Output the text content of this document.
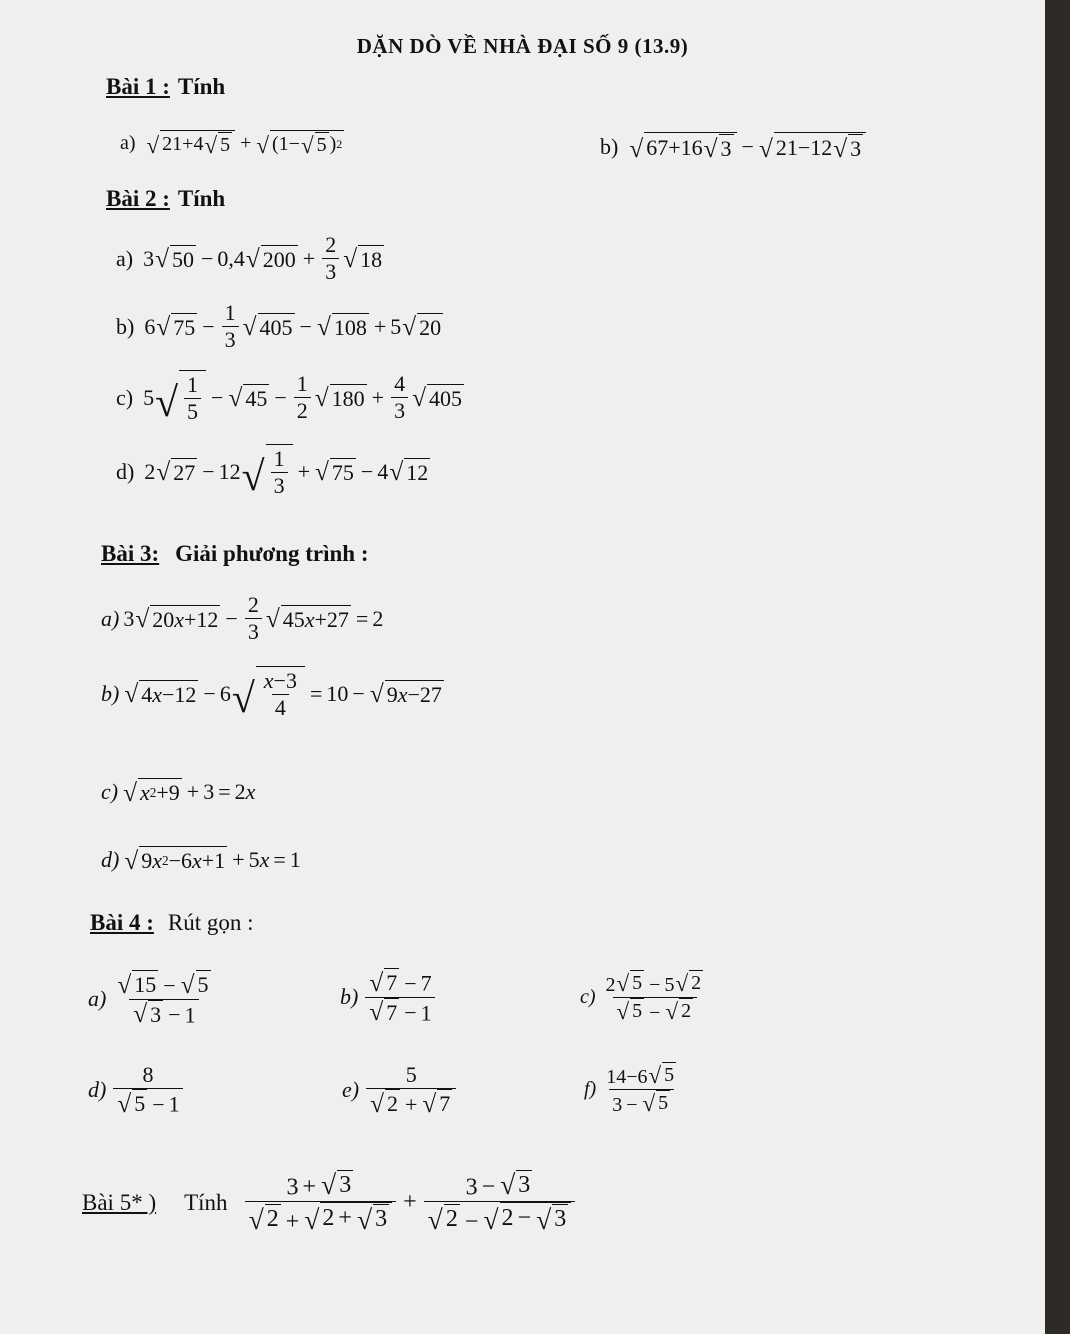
DẶN DÒ VỀ NHÀ ĐẠI SỐ 9 (13.9)
Bài 1 : Tính
a) √ 21+4 √ 5 + √ (1− √ 5 ) 2	b) √ 67+16 √ 3 − √ 21−12 √ 3
Bài 2 : Tính
a) 3 √ 50 − 0,4 √ $200 + \frac{2}{3}$ √ 18
b) 6 √ $75 - \frac{1}{3}$ √ 405 − √ 108 + 5 √ 20
c) 5 √ 1
5
− √ $45 - \frac{1}{2}$ √ $180 + \frac{4}{3}$ √ 405
d) 2 √ 27 − 12 √ 1
3
+ √ 75 − 4 √ 12
Bài 3: Giải phương trình :
a) 3 √ 20 $x +12 - \frac{2}{3}$ √ 45 x +27 = 2
b) √ 4 x −12 − 6 √ x−3
4
= 10 − √ 9 x −27
c) √ x 2 +9 + 3 = 2 x
d) √ 9 x 2 −6 x +1 + 5 x = 1
Bài 4 : Rút gọn :
a) √ 15 − √ 5
√ 3 − 1
b) √ 7 − 7
√ 7 − 1
c)
2 √ 5 − 5 √ 2
√ 5 − √ 2
d)
8
√ 5 − 1
e)
5
√ 2 + √ 7
f)
14−6 √ 5
3 − √ 5
Bài 5* ) Tính
3 + √ 3
√ 2 + √ 2 + √ 3
+ $\frac{3 - √ 3}{√ 2 - √ 2 - √ 3}$
